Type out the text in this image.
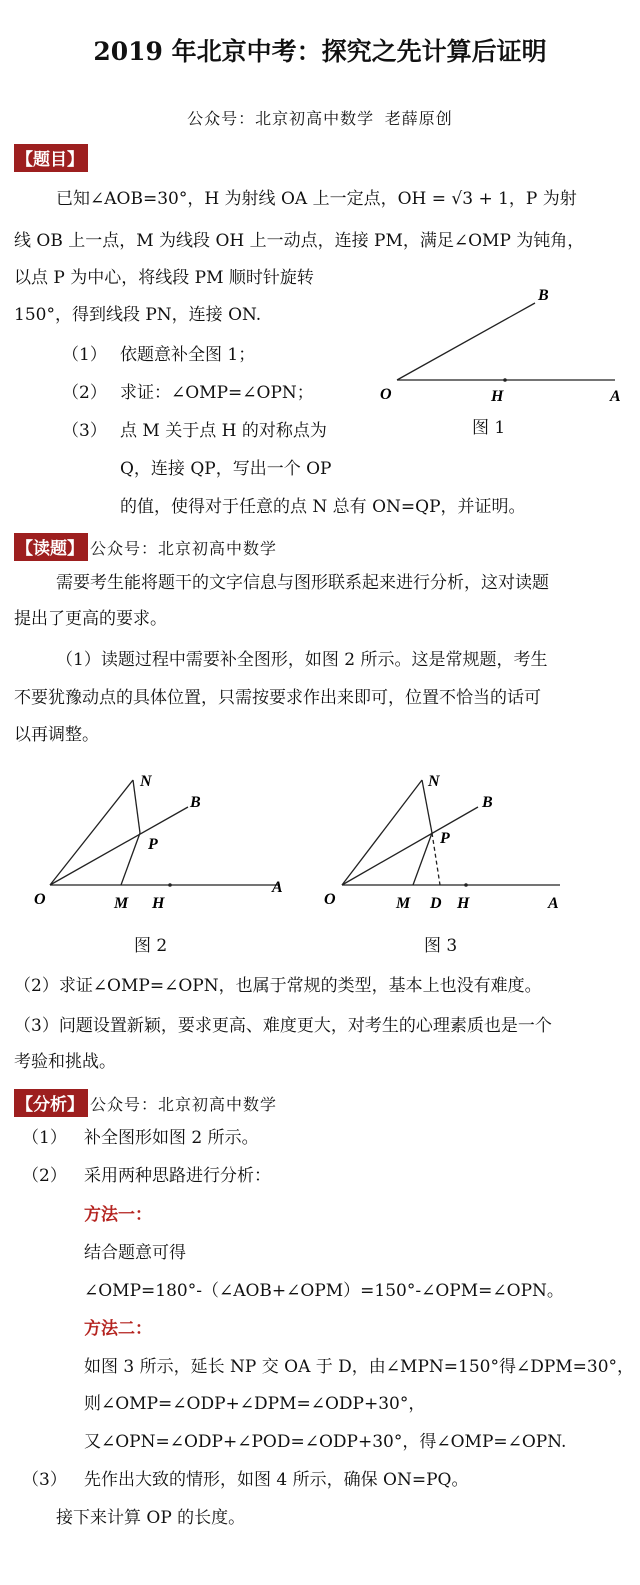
2019 年北京中考：探究之先计算后证明
公众号：北京初高中数学 老薛原创
【题目】
已知∠AOB=30°，H 为射线 OA 上一定点，OH = √3 + 1，P 为射
线 OB 上一点，M 为线段 OH 上一动点，连接 PM，满足∠OMP 为钝角，
以点 P 为中心，将线段 PM 顺时针旋转
150°，得到线段 PN，连接 ON.
（1） 依题意补全图 1；
（2） 求证：∠OMP=∠OPN；
（3） 点 M 关于点 H 的对称点为
Q，连接 QP，写出一个 OP
的值，使得对于任意的点 N 总有 ON=QP，并证明。
B
O	H	A
图 1
【读题】 公众号：北京初高中数学
需要考生能将题干的文字信息与图形联系起来进行分析，这对读题
提出了更高的要求。
（1）读题过程中需要补全图形，如图 2 所示。这是常规题，考生
不要犹豫动点的具体位置，只需按要求作出来即可，位置不恰当的话可
以再调整。
N
B
P
O	M H
A
图 2
N
B
P
O	M D H	A
图 3
（2）求证∠OMP=∠OPN，也属于常规的类型，基本上也没有难度。
（3）问题设置新颖，要求更高、难度更大，对考生的心理素质也是一个
考验和挑战。
【分析】 公众号：北京初高中数学
（1） 补全图形如图 2 所示。
（2） 采用两种思路进行分析：
方法一：
结合题意可得
∠OMP=180°-（∠AOB+∠OPM）=150°-∠OPM=∠OPN。
方法二：
如图 3 所示，延长 NP 交 OA 于 D，由∠MPN=150°得∠DPM=30°，
则∠OMP=∠ODP+∠DPM=∠ODP+30°，
又∠OPN=∠ODP+∠POD=∠ODP+30°，得∠OMP=∠OPN.
（3） 先作出大致的情形，如图 4 所示，确保 ON=PQ。
接下来计算 OP 的长度。
